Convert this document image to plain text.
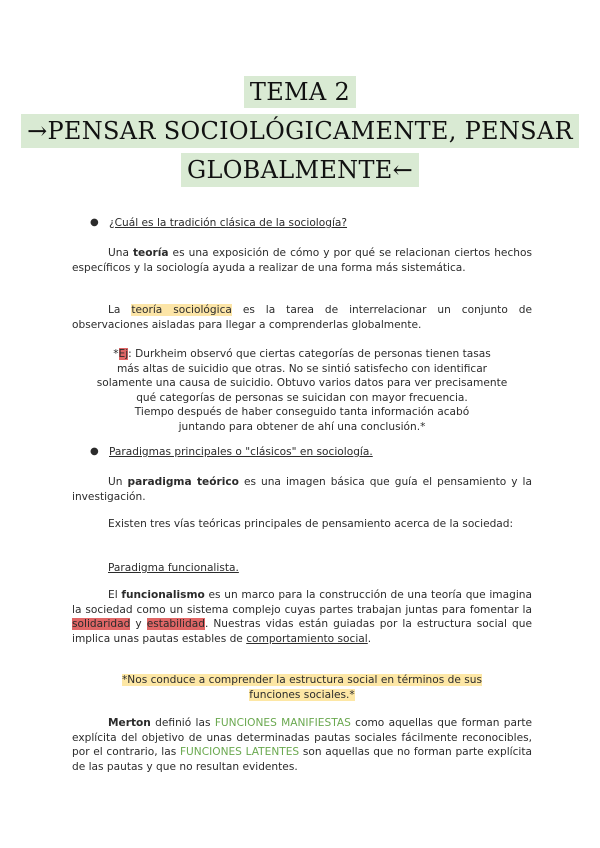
TEMA 2
→PENSAR SOCIOLÓGICAMENTE, PENSAR
GLOBALMENTE←
● ¿Cuál es la tradición clásica de la sociología?

Una teoría es una exposición de cómo y por qué se relacionan ciertos hechos específicos y la sociología ayuda a realizar de una forma más sistemática.

La teoría sociológica es la tarea de interrelacionar un conjunto de observaciones aisladas para llegar a comprenderlas globalmente.

*Ej: Durkheim observó que ciertas categorías de personas tienen tasas

más altas de suicidio que otras. No se sintió satisfecho con identificar

solamente una causa de suicidio. Obtuvo varios datos para ver precisamente

qué categorías de personas se suicidan con mayor frecuencia.

Tiempo después de haber conseguido tanta información acabó

juntando para obtener de ahí una conclusión.*

● Paradigmas principales o "clásicos" en sociología.

Un paradigma teórico es una imagen básica que guía el pensamiento y la investigación.

Existen tres vías teóricas principales de pensamiento acerca de la sociedad:

Paradigma funcionalista.

El funcionalismo es un marco para la construcción de una teoría que imagina la sociedad como un sistema complejo cuyas partes trabajan juntas para fomentar la solidaridad y estabilidad. Nuestras vidas están guiadas por la estructura social que implica unas pautas estables de comportamiento social.

*Nos conduce a comprender la estructura social en términos de sus

funciones sociales.*

Merton definió las FUNCIONES MANIFIESTAS como aquellas que forman parte explícita del objetivo de unas determinadas pautas sociales fácilmente reconocibles, por el contrario, las FUNCIONES LATENTES son aquellas que no forman parte explícita de las pautas y que no resultan evidentes.
